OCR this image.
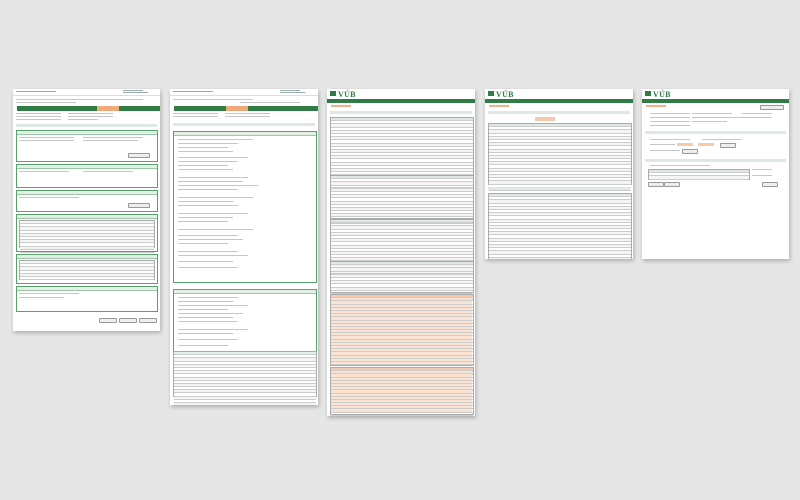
VÚB	VÚB	VÚB
